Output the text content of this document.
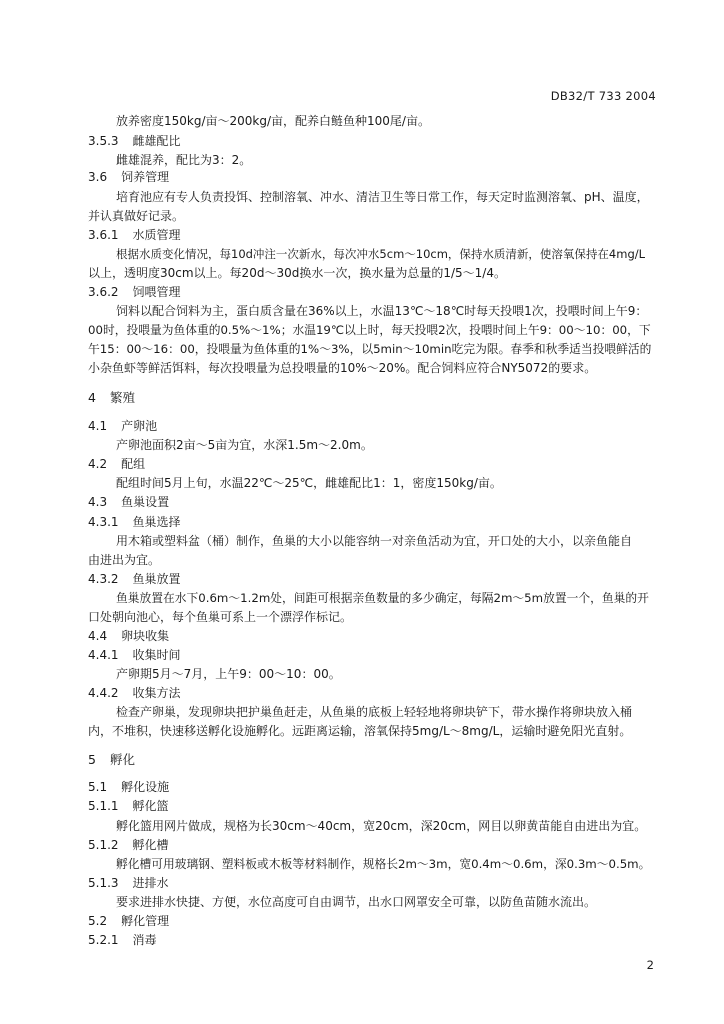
DB32/T 733 2004
放养密度150kg/亩～200kg/亩，配养白鲢鱼种100尾/亩。
3.5.3 雌雄配比
雌雄混养，配比为3：2。
3.6 饲养管理
培育池应有专人负责投饵、控制溶氧、冲水、清洁卫生等日常工作，每天定时监测溶氧、pH、温度，
并认真做好记录。
3.6.1 水质管理
根据水质变化情况，每10d冲注一次新水，每次冲水5cm～10cm，保持水质清新，使溶氧保持在4mg/L
以上，透明度30cm以上。每20d～30d换水一次，换水量为总量的1/5～1/4。
3.6.2 饲喂管理
饲料以配合饲料为主，蛋白质含量在36%以上，水温13℃～18℃时每天投喂1次，投喂时间上午9：
00时，投喂量为鱼体重的0.5%～1%；水温19℃以上时，每天投喂2次，投喂时间上午9：00～10：00，下
午15：00～16：00，投喂量为鱼体重的1%～3%，以5min～10min吃完为限。春季和秋季适当投喂鲜活的
小杂鱼虾等鲜活饵料，每次投喂量为总投喂量的10%～20%。配合饲料应符合NY5072的要求。
4 繁殖
4.1 产卵池
产卵池面积2亩～5亩为宜，水深1.5m～2.0m。
4.2 配组
配组时间5月上旬，水温22℃～25℃，雌雄配比1：1，密度150kg/亩。
4.3 鱼巢设置
4.3.1 鱼巢选择
用木箱或塑料盆（桶）制作，鱼巢的大小以能容纳一对亲鱼活动为宜，开口处的大小，以亲鱼能自
由进出为宜。
4.3.2 鱼巢放置
鱼巢放置在水下0.6m～1.2m处，间距可根据亲鱼数量的多少确定，每隔2m～5m放置一个，鱼巢的开
口处朝向池心，每个鱼巢可系上一个漂浮作标记。
4.4 卵块收集
4.4.1 收集时间
产卵期5月～7月，上午9：00～10：00。
4.4.2 收集方法
检查产卵巢，发现卵块把护巢鱼赶走，从鱼巢的底板上轻轻地将卵块铲下，带水操作将卵块放入桶
内，不堆积，快速移送孵化设施孵化。远距离运输，溶氧保持5mg/L～8mg/L，运输时避免阳光直射。
5 孵化
5.1 孵化设施
5.1.1 孵化篮
孵化篮用网片做成，规格为长30cm～40cm，宽20cm，深20cm，网目以卵黄苗能自由进出为宜。
5.1.2 孵化槽
孵化槽可用玻璃钢、塑料板或木板等材料制作，规格长2m～3m，宽0.4m～0.6m，深0.3m～0.5m。
5.1.3 进排水
要求进排水快捷、方便，水位高度可自由调节，出水口网罩安全可靠，以防鱼苗随水流出。
5.2 孵化管理
5.2.1 消毒
2
